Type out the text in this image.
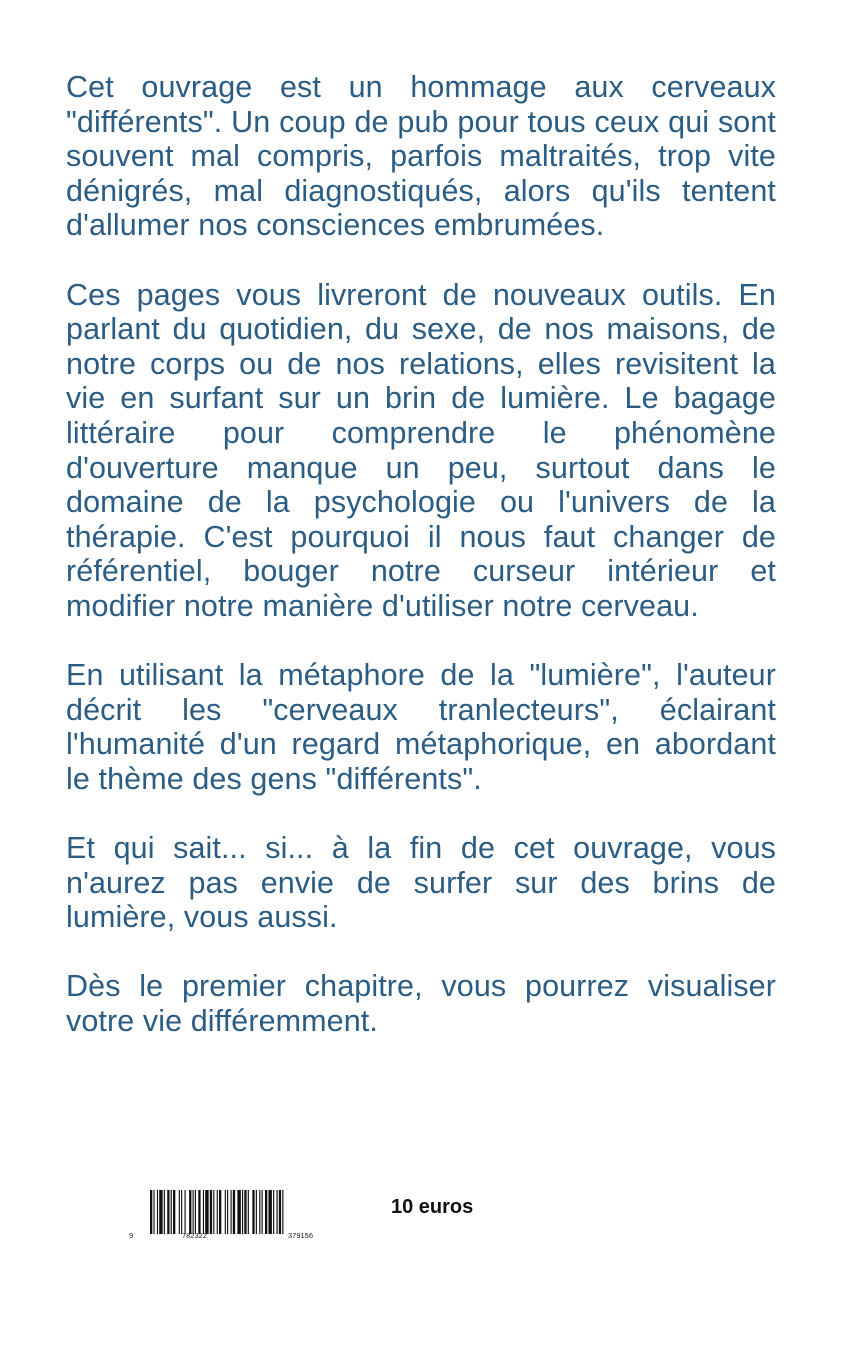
Cet ouvrage est un hommage aux cerveaux "différents". Un coup de pub pour tous ceux qui sont souvent mal compris, parfois maltraités, trop vite dénigrés, mal diagnostiqués, alors qu'ils tentent d'allumer nos consciences embrumées.

Ces pages vous livreront de nouveaux outils. En parlant du quotidien, du sexe, de nos maisons, de notre corps ou de nos relations, elles revisitent la vie en surfant sur un brin de lumière. Le bagage littéraire pour comprendre le phénomène d'ouverture manque un peu, surtout dans le domaine de la psychologie ou l'univers de la thérapie. C'est pourquoi il nous faut changer de référentiel, bouger notre curseur intérieur et modifier notre manière d'utiliser notre cerveau.

En utilisant la métaphore de la "lumière", l'auteur décrit les "cerveaux tranlecteurs", éclairant l'humanité d'un regard métaphorique, en abordant le thème des gens "différents".

Et qui sait... si... à la fin de cet ouvrage, vous n'aurez pas envie de surfer sur des brins de lumière, vous aussi.

Dès le premier chapitre, vous pourrez visualiser votre vie différemment.

9	782322	379156
10 euros
